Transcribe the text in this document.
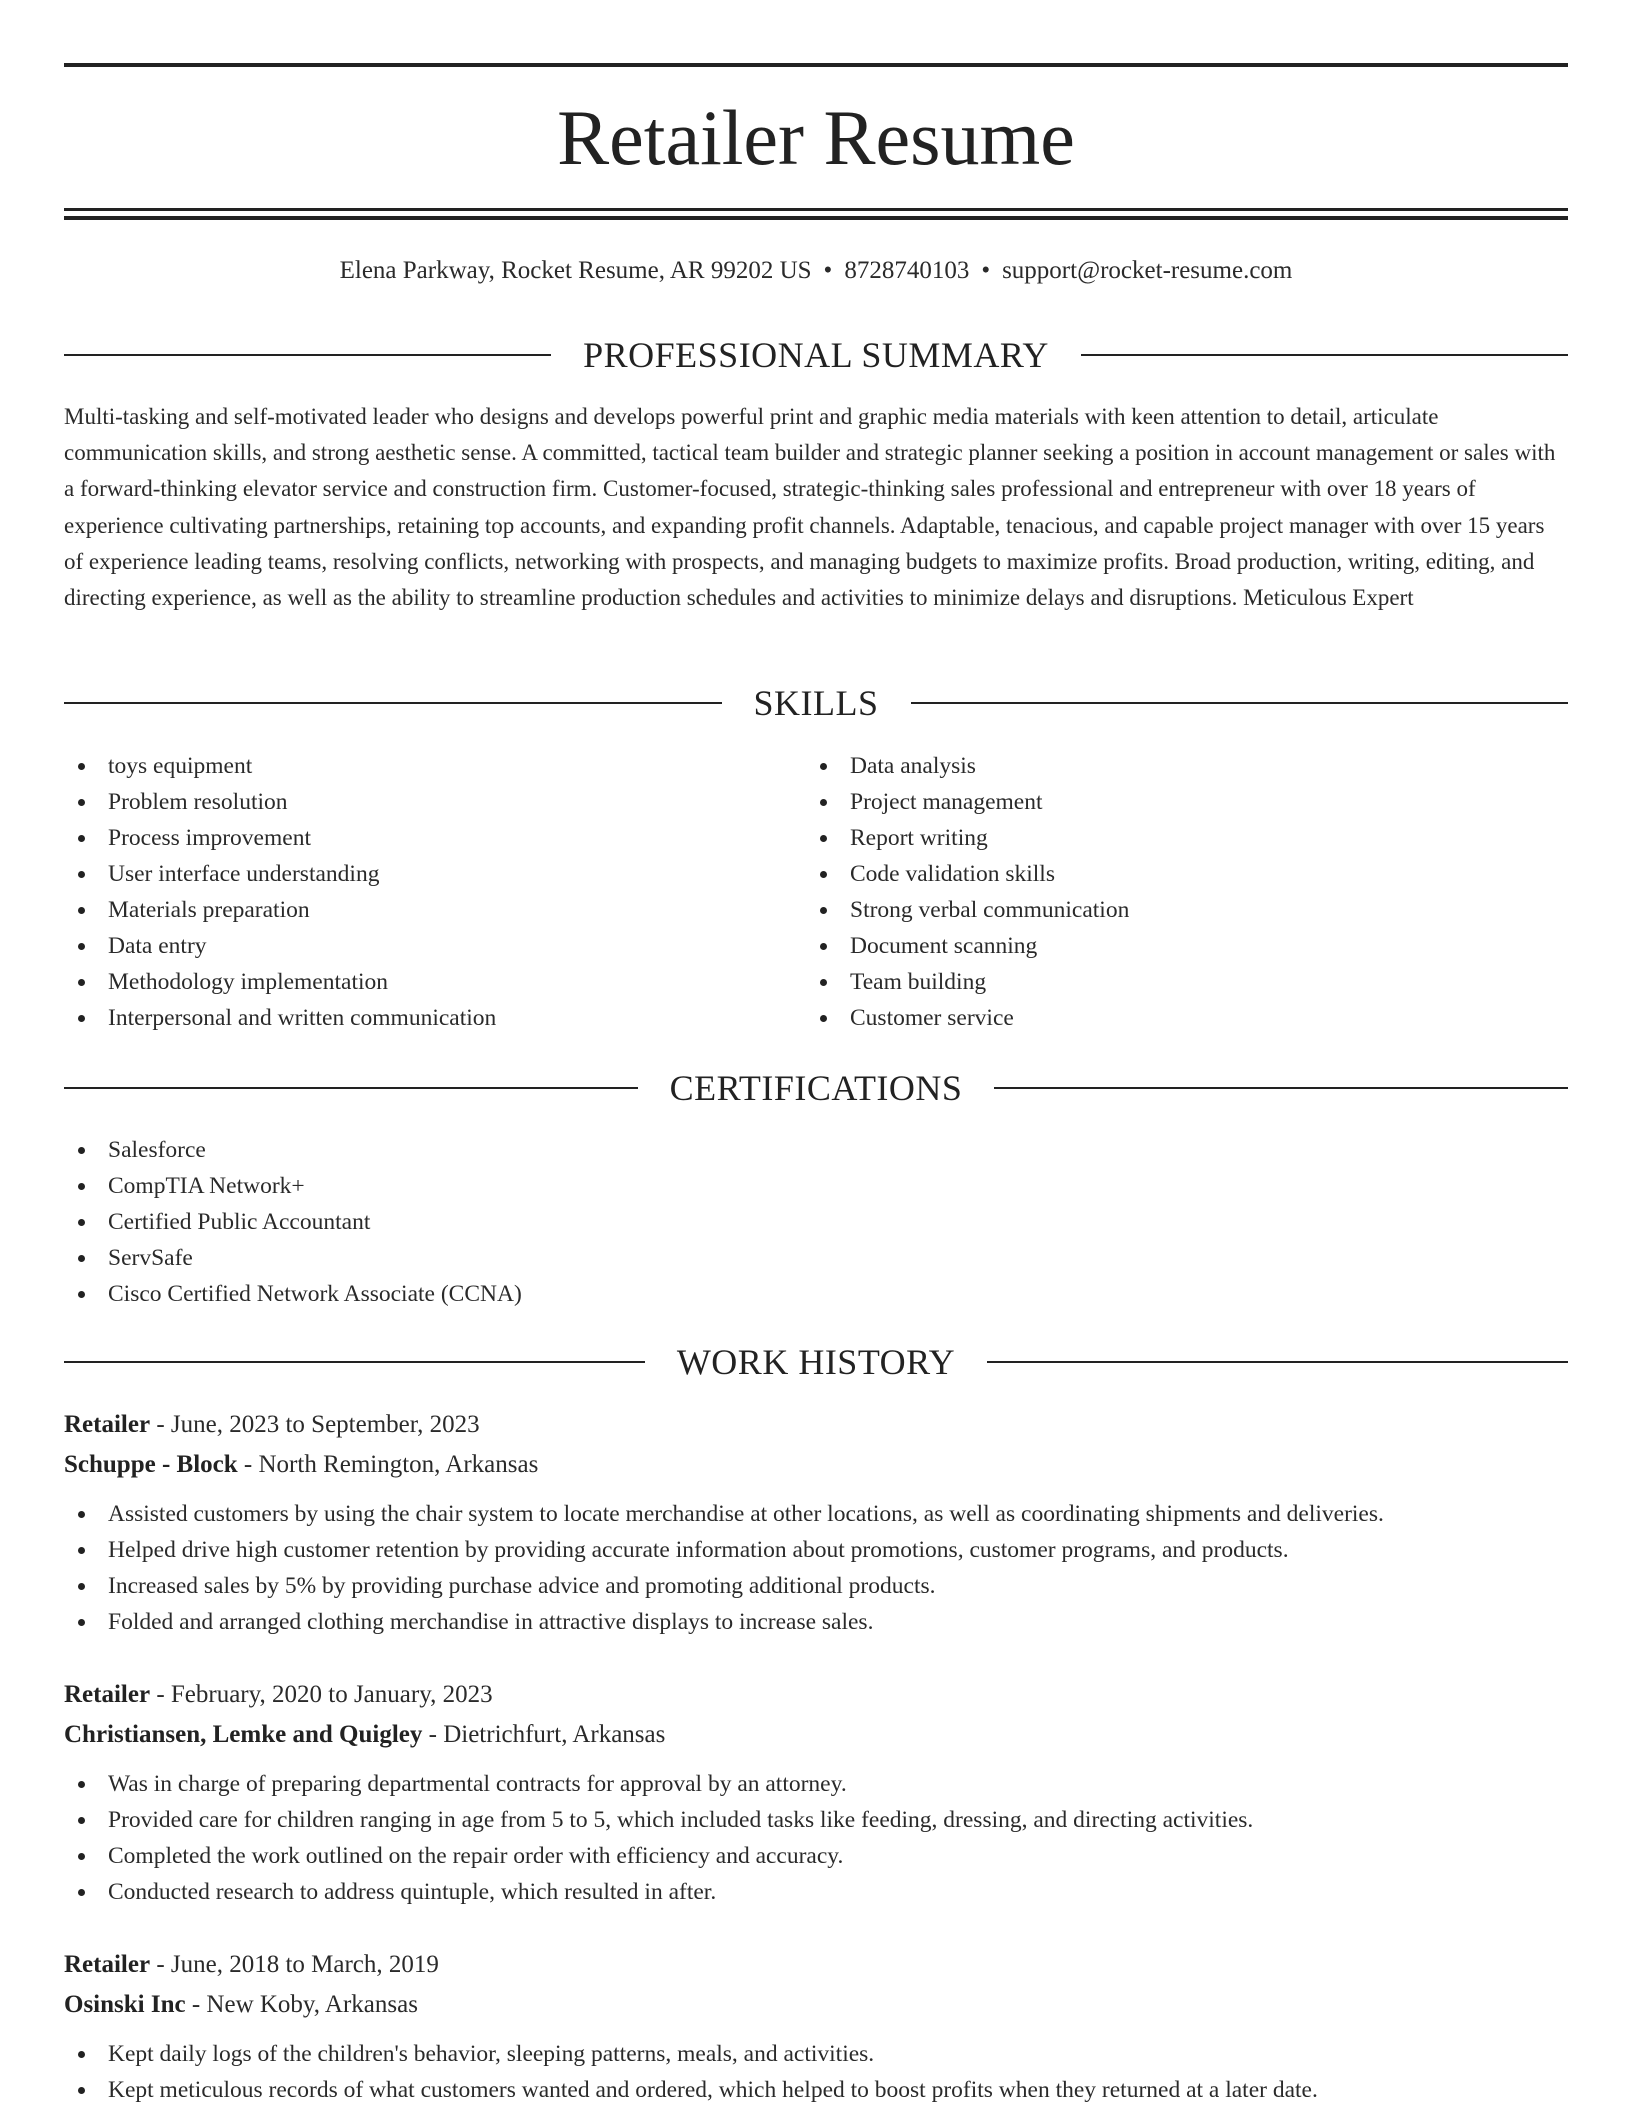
Retailer Resume
Elena Parkway, Rocket Resume, AR 99202 US • 8728740103 • support@rocket-resume.com
PROFESSIONAL SUMMARY

Multi-tasking and self-motivated leader who designs and develops powerful print and graphic media materials with keen attention to detail, articulate communication skills, and strong aesthetic sense. A committed, tactical team builder and strategic planner seeking a position in account management or sales with a forward-thinking elevator service and construction firm. Customer-focused, strategic-thinking sales professional and entrepreneur with over 18 years of experience cultivating partnerships, retaining top accounts, and expanding profit channels. Adaptable, tenacious, and capable project manager with over 15 years of experience leading teams, resolving conflicts, networking with prospects, and managing budgets to maximize profits. Broad production, writing, editing, and directing experience, as well as the ability to streamline production schedules and activities to minimize delays and disruptions. Meticulous Expert

SKILLS
toys equipment
Problem resolution
Process improvement
User interface understanding
Materials preparation
Data entry
Methodology implementation
Interpersonal and written communication
Data analysis
Project management
Report writing
Code validation skills
Strong verbal communication
Document scanning
Team building
Customer service
CERTIFICATIONS
Salesforce
CompTIA Network+
Certified Public Accountant
ServSafe
Cisco Certified Network Associate (CCNA)
WORK HISTORY
Retailer - June, 2023 to September, 2023
Schuppe - Block - North Remington, Arkansas
Assisted customers by using the chair system to locate merchandise at other locations, as well as coordinating shipments and deliveries.
Helped drive high customer retention by providing accurate information about promotions, customer programs, and products.
Increased sales by 5% by providing purchase advice and promoting additional products.
Folded and arranged clothing merchandise in attractive displays to increase sales.
Retailer - February, 2020 to January, 2023
Christiansen, Lemke and Quigley - Dietrichfurt, Arkansas
Was in charge of preparing departmental contracts for approval by an attorney.
Provided care for children ranging in age from 5 to 5, which included tasks like feeding, dressing, and directing activities.
Completed the work outlined on the repair order with efficiency and accuracy.
Conducted research to address quintuple, which resulted in after.
Retailer - June, 2018 to March, 2019
Osinski Inc - New Koby, Arkansas
Kept daily logs of the children's behavior, sleeping patterns, meals, and activities.
Kept meticulous records of what customers wanted and ordered, which helped to boost profits when they returned at a later date.
